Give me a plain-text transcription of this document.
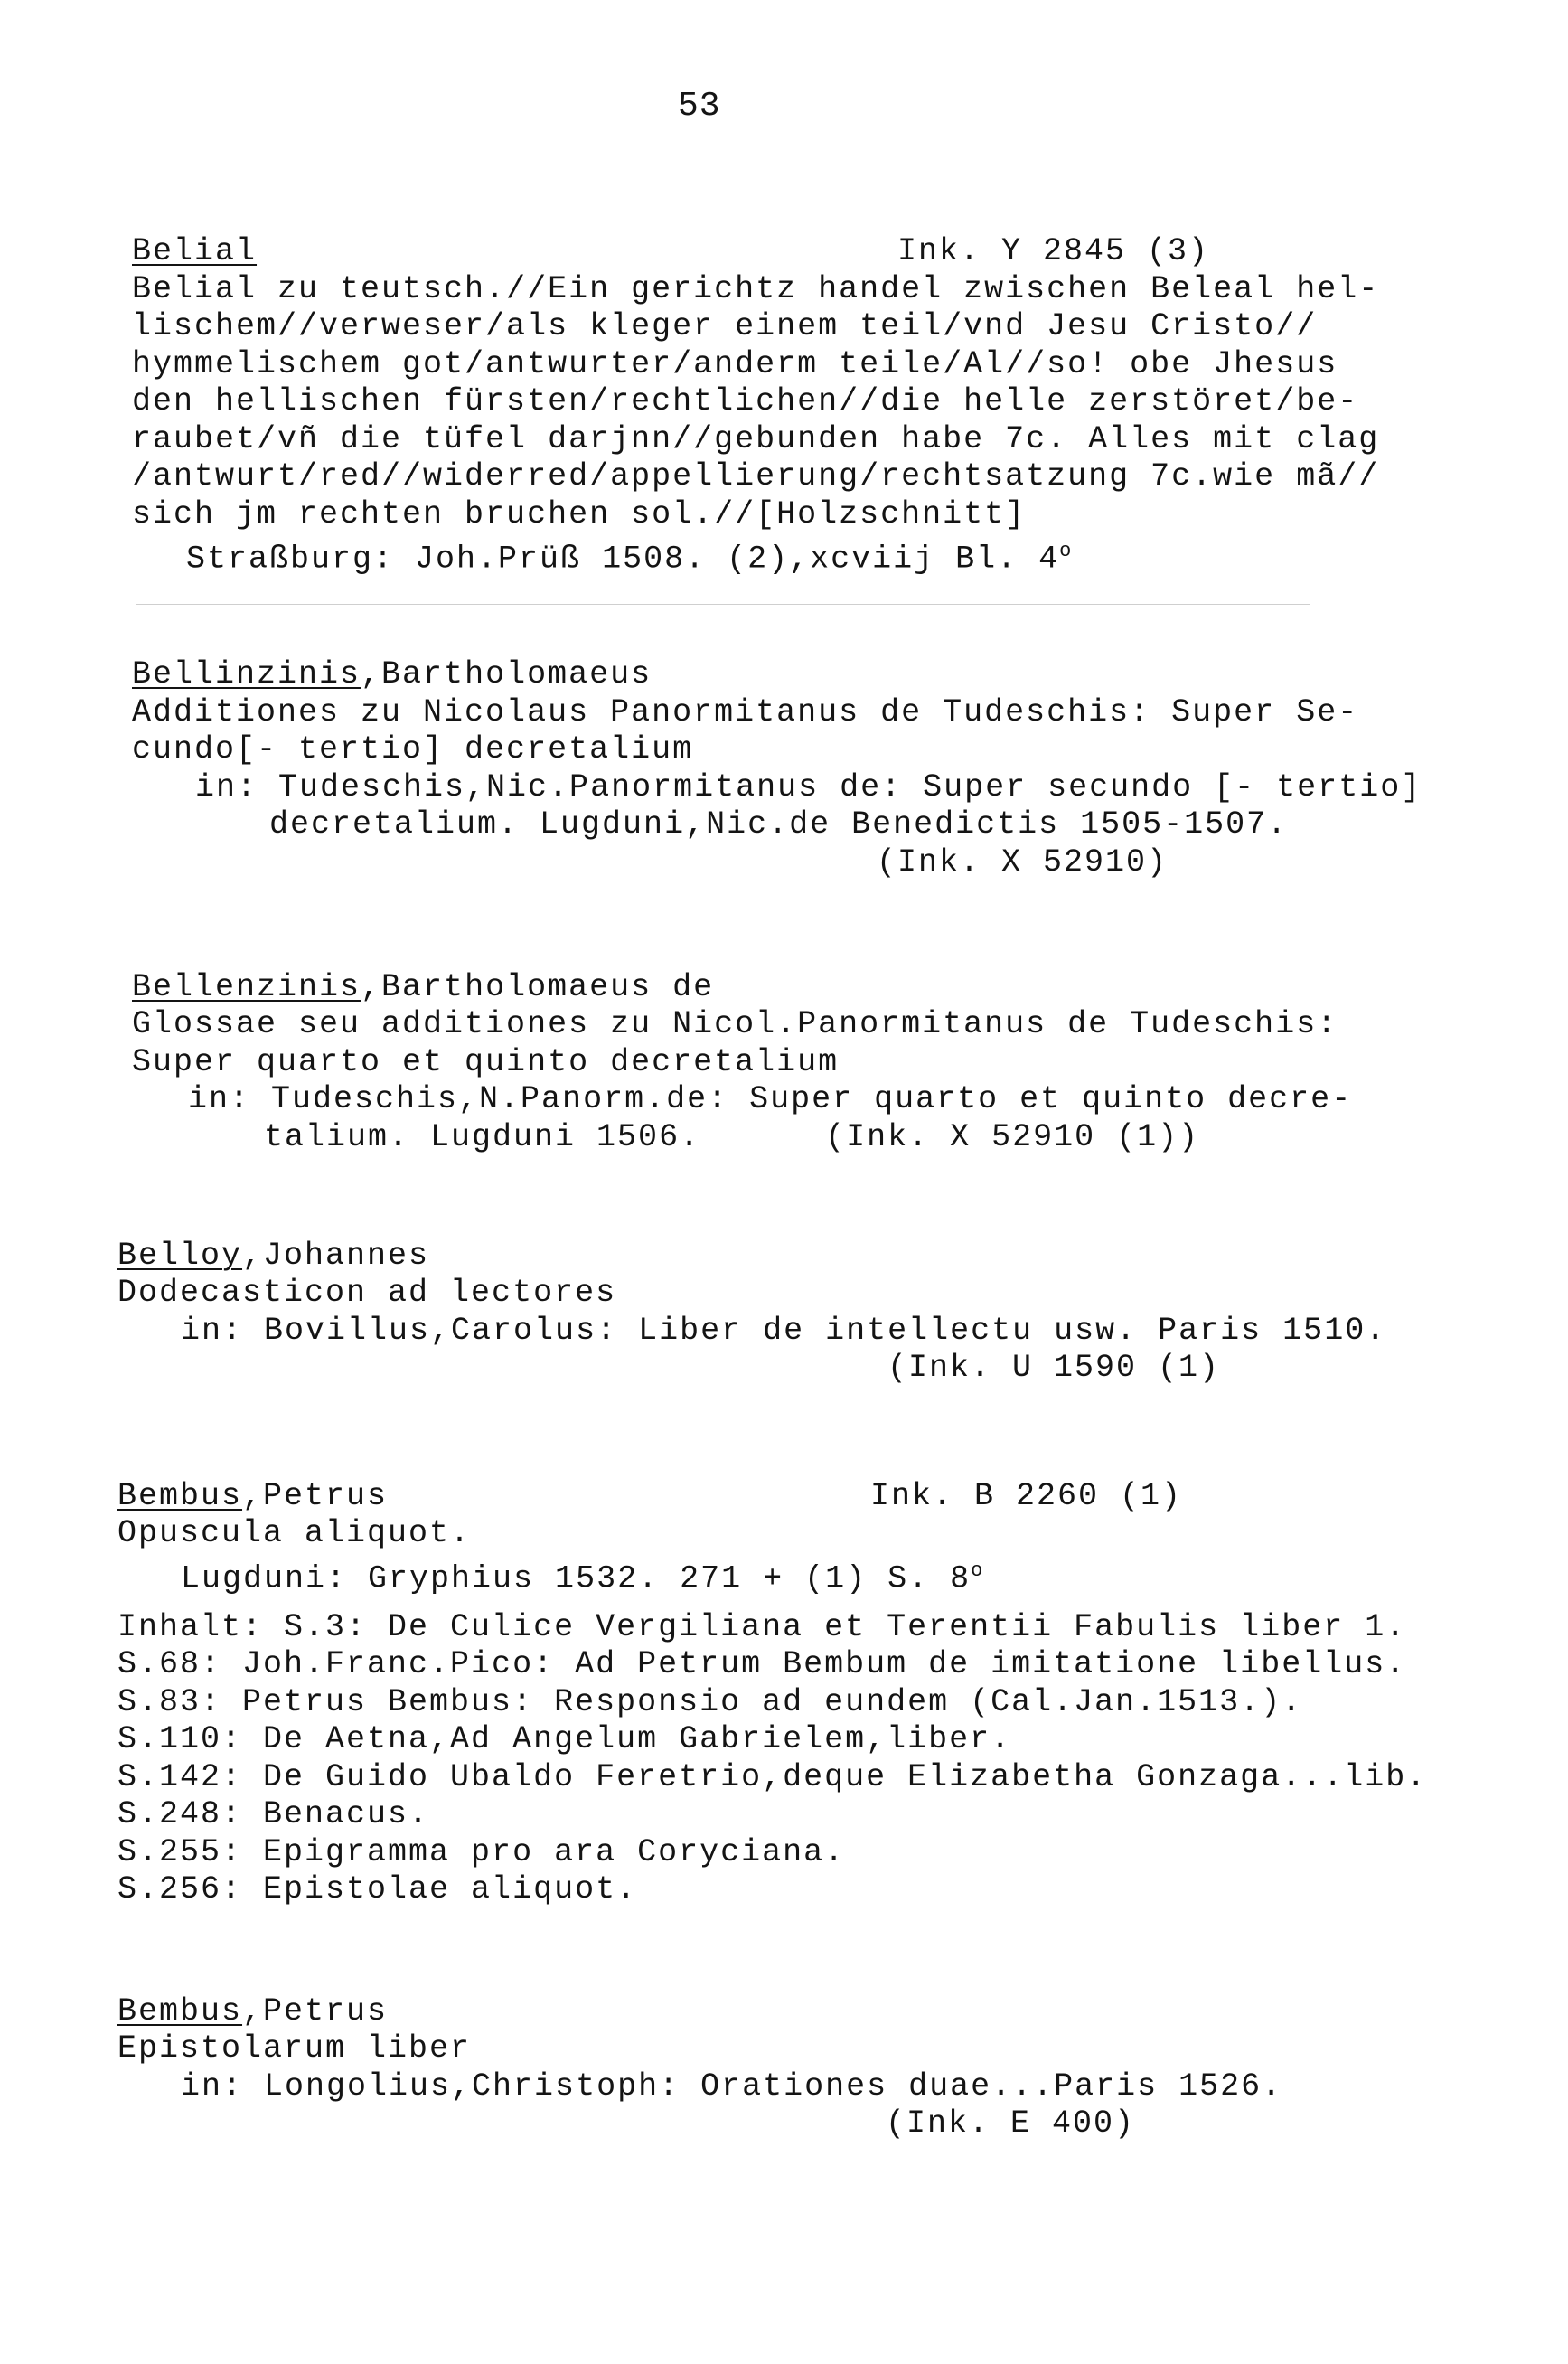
53
Belial	Ink. Y 2845 (3)
Belial zu teutsch.//Ein gerichtz handel zwischen Beleal hel-
lischem//verweser/als kleger einem teil/vnd Jesu Cristo//
hymmelischem got/antwurter/anderm teile/Al//so! obe Jhesus
den hellischen fürsten/rechtlichen//die helle zerstöret/be-
raubet/vñ die tüfel darjnn//gebunden habe 7c. Alles mit clag
/antwurt/red//widerred/appellierung/rechtsatzung 7c.wie mã//
sich jm rechten bruchen sol.//[Holzschnitt]
Straßburg: Joh.Prüß 1508. (2),xcviij Bl. 4$^o$
Bellinzinis,Bartholomaeus
Additiones zu Nicolaus Panormitanus de Tudeschis: Super Se-
cundo[- tertio] decretalium
in: Tudeschis,Nic.Panormitanus de: Super secundo [- tertio]
decretalium. Lugduni,Nic.de Benedictis 1505-1507.
(Ink. X 52910)
Bellenzinis,Bartholomaeus de
Glossae seu additiones zu Nicol.Panormitanus de Tudeschis:
Super quarto et quinto decretalium
in: Tudeschis,N.Panorm.de: Super quarto et quinto decre-
talium. Lugduni 1506.      (Ink. X 52910 (1))
Belloy,Johannes
Dodecasticon ad lectores
in: Bovillus,Carolus: Liber de intellectu usw. Paris 1510.
(Ink. U 1590 (1)
Bembus,Petrus	Ink. B 2260 (1)
Opuscula aliquot.
Lugduni: Gryphius 1532. 271 + (1) S. 8$^o$
Inhalt: S.3: De Culice Vergiliana et Terentii Fabulis liber 1.
S.68: Joh.Franc.Pico: Ad Petrum Bembum de imitatione libellus.
S.83: Petrus Bembus: Responsio ad eundem (Cal.Jan.1513.).
S.110: De Aetna,Ad Angelum Gabrielem,liber.
S.142: De Guido Ubaldo Feretrio,deque Elizabetha Gonzaga...lib.
S.248: Benacus.
S.255: Epigramma pro ara Coryciana.
S.256: Epistolae aliquot.
Bembus,Petrus
Epistolarum liber
in: Longolius,Christoph: Orationes duae...Paris 1526.
(Ink. E 400)
